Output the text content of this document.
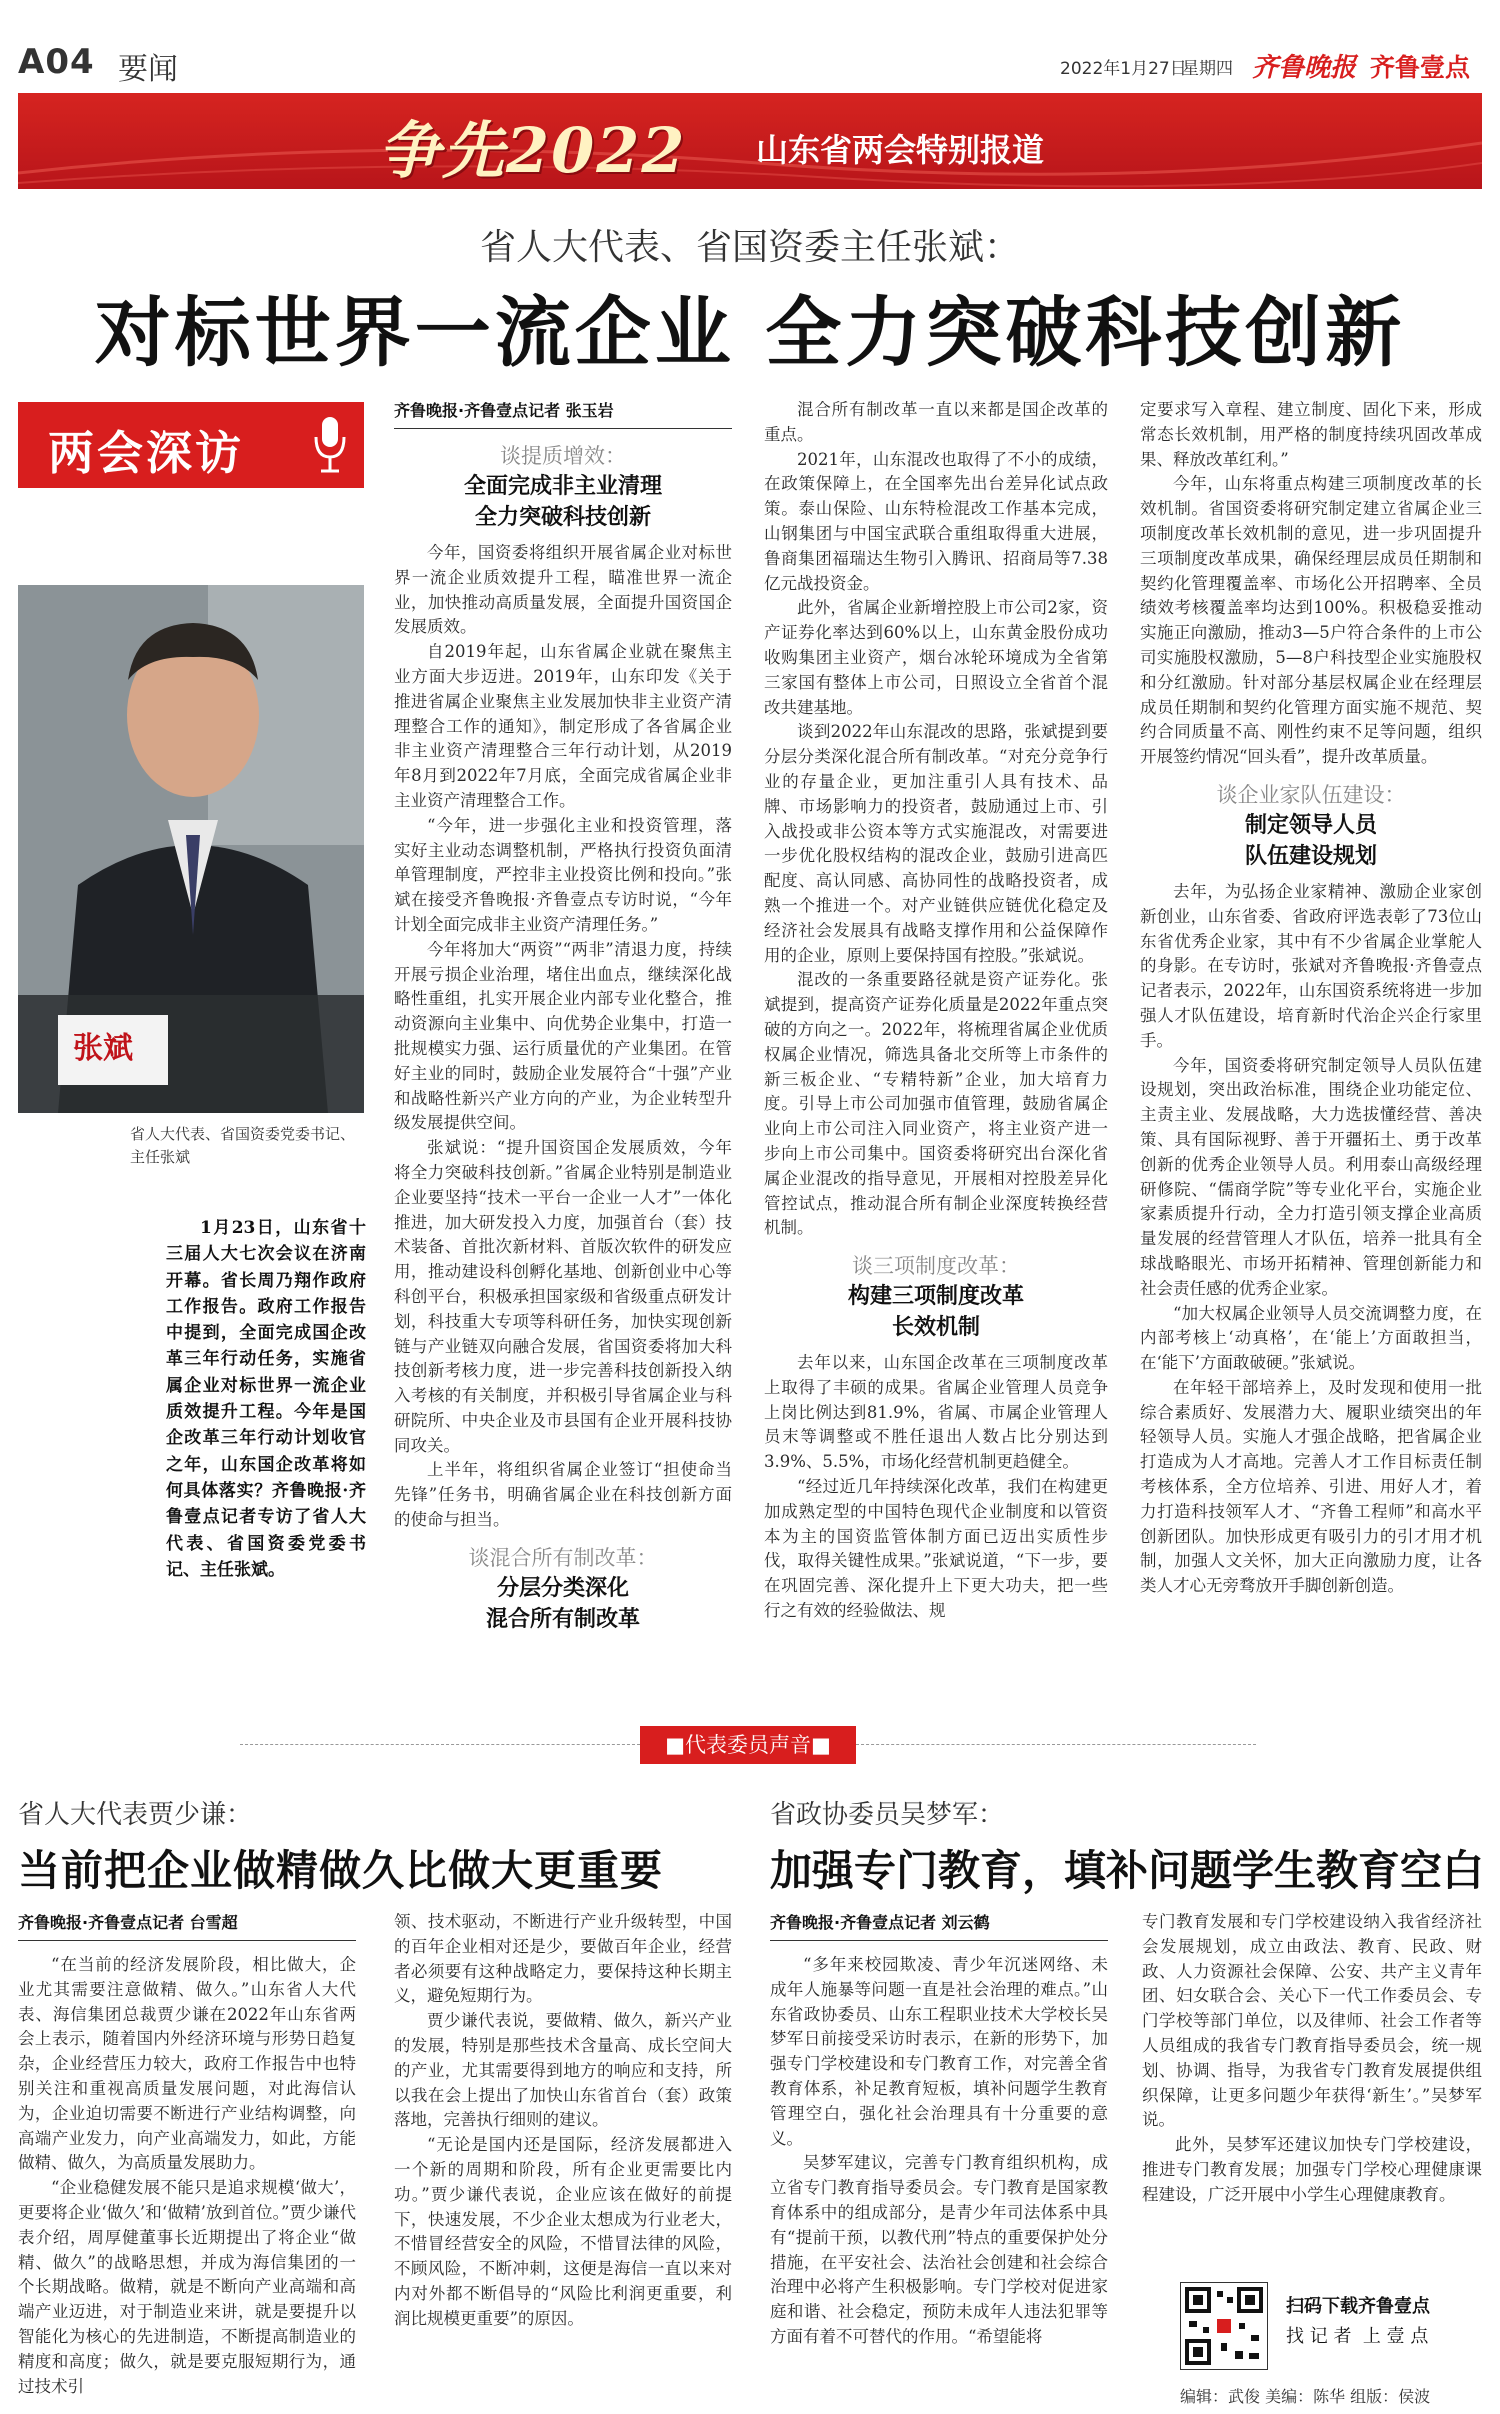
A04 要闻	2022年1月27日
星期四 齐鲁晚报 齐鲁壹点
争先2022 山东省两会特别报道
省人大代表、省国资委主任张斌：
对标世界一流企业 全力突破科技创新
两会深访
张斌
省人大代表、省国资委党委书记、主任张斌
1月23日，山东省十三届人大七次会议在济南开幕。省长周乃翔作政府工作报告。政府工作报告中提到，全面完成国企改革三年行动任务，实施省属企业对标世界一流企业质效提升工程。今年是国企改革三年行动计划收官之年，山东国企改革将如何具体落实？齐鲁晚报·齐鲁壹点记者专访了省人大代表、省国资委党委书记、主任张斌。
齐鲁晚报·齐鲁壹点记者 张玉岩
谈提质增效：
全面完成非主业清理
全力突破科技创新

今年，国资委将组织开展省属企业对标世界一流企业质效提升工程，瞄准世界一流企业，加快推动高质量发展，全面提升国资国企发展质效。

自2019年起，山东省属企业就在聚焦主业方面大步迈进。2019年，山东印发《关于推进省属企业聚焦主业发展加快非主业资产清理整合工作的通知》，制定形成了各省属企业非主业资产清理整合三年行动计划，从2019年8月到2022年7月底，全面完成省属企业非主业资产清理整合工作。

“今年，进一步强化主业和投资管理，落实好主业动态调整机制，严格执行投资负面清单管理制度，严控非主业投资比例和投向。”张斌在接受齐鲁晚报·齐鲁壹点专访时说，“今年计划全面完成非主业资产清理任务。”

今年将加大“两资”“两非”清退力度，持续开展亏损企业治理，堵住出血点，继续深化战略性重组，扎实开展企业内部专业化整合，推动资源向主业集中、向优势企业集中，打造一批规模实力强、运行质量优的产业集团。在管好主业的同时，鼓励企业发展符合“十强”产业和战略性新兴产业方向的产业，为企业转型升级发展提供空间。

张斌说：“提升国资国企发展质效，今年将全力突破科技创新。”省属企业特别是制造业企业要坚持“技术一平台一企业一人才”一体化推进，加大研发投入力度，加强首台（套）技术装备、首批次新材料、首版次软件的研发应用，推动建设科创孵化基地、创新创业中心等科创平台，积极承担国家级和省级重点研发计划，科技重大专项等科研任务，加快实现创新链与产业链双向融合发展，省国资委将加大科技创新考核力度，进一步完善科技创新投入纳入考核的有关制度，并积极引导省属企业与科研院所、中央企业及市县国有企业开展科技协同攻关。

上半年，将组织省属企业签订“担使命当先锋”任务书，明确省属企业在科技创新方面的使命与担当。

谈混合所有制改革：
分层分类深化
混合所有制改革

混合所有制改革一直以来都是国企改革的重点。

2021年，山东混改也取得了不小的成绩，在政策保障上，在全国率先出台差异化试点政策。泰山保险、山东特检混改工作基本完成，山钢集团与中国宝武联合重组取得重大进展，鲁商集团福瑞达生物引入腾讯、招商局等7.38亿元战投资金。

此外，省属企业新增控股上市公司2家，资产证券化率达到60%以上，山东黄金股份成功收购集团主业资产，烟台冰轮环境成为全省第三家国有整体上市公司，日照设立全省首个混改共建基地。

谈到2022年山东混改的思路，张斌提到要分层分类深化混合所有制改革。“对充分竞争行业的存量企业，更加注重引人具有技术、品牌、市场影响力的投资者，鼓励通过上市、引入战投或非公资本等方式实施混改，对需要进一步优化股权结构的混改企业，鼓励引进高匹配度、高认同感、高协同性的战略投资者，成熟一个推进一个。对产业链供应链优化稳定及经济社会发展具有战略支撑作用和公益保障作用的企业，原则上要保持国有控股。”张斌说。

混改的一条重要路径就是资产证券化。张斌提到，提高资产证券化质量是2022年重点突破的方向之一。2022年，将梳理省属企业优质权属企业情况，筛选具备北交所等上市条件的新三板企业、“专精特新”企业，加大培育力度。引导上市公司加强市值管理，鼓励省属企业向上市公司注入同业资产，将主业资产进一步向上市公司集中。国资委将研究出台深化省属企业混改的指导意见，开展相对控股差异化管控试点，推动混合所有制企业深度转换经营机制。

谈三项制度改革：
构建三项制度改革
长效机制

去年以来，山东国企改革在三项制度改革上取得了丰硕的成果。省属企业管理人员竞争上岗比例达到81.9%，省属、市属企业管理人员末等调整或不胜任退出人数占比分别达到3.9%、5.5%，市场化经营机制更趋健全。

“经过近几年持续深化改革，我们在构建更加成熟定型的中国特色现代企业制度和以管资本为主的国资监管体制方面已迈出实质性步伐，取得关键性成果。”张斌说道，“下一步，要在巩固完善、深化提升上下更大功夫，把一些行之有效的经验做法、规

定要求写入章程、建立制度、固化下来，形成常态长效机制，用严格的制度持续巩固改革成果、释放改革红利。”

今年，山东将重点构建三项制度改革的长效机制。省国资委将研究制定建立省属企业三项制度改革长效机制的意见，进一步巩固提升三项制度改革成果，确保经理层成员任期制和契约化管理覆盖率、市场化公开招聘率、全员绩效考核覆盖率均达到100%。积极稳妥推动实施正向激励，推动3—5户符合条件的上市公司实施股权激励，5—8户科技型企业实施股权和分红激励。针对部分基层权属企业在经理层成员任期制和契约化管理方面实施不规范、契约合同质量不高、刚性约束不足等问题，组织开展签约情况“回头看”，提升改革质量。

谈企业家队伍建设：
制定领导人员
队伍建设规划

去年，为弘扬企业家精神、激励企业家创新创业，山东省委、省政府评选表彰了73位山东省优秀企业家，其中有不少省属企业掌舵人的身影。在专访时，张斌对齐鲁晚报·齐鲁壹点记者表示，2022年，山东国资系统将进一步加强人才队伍建设，培育新时代治企兴企行家里手。

今年，国资委将研究制定领导人员队伍建设规划，突出政治标准，围绕企业功能定位、主责主业、发展战略，大力选拔懂经营、善决策、具有国际视野、善于开疆拓土、勇于改革创新的优秀企业领导人员。利用泰山高级经理研修院、“儒商学院”等专业化平台，实施企业家素质提升行动，全力打造引领支撑企业高质量发展的经营管理人才队伍，培养一批具有全球战略眼光、市场开拓精神、管理创新能力和社会责任感的优秀企业家。

“加大权属企业领导人员交流调整力度，在内部考核上‘动真格’，在‘能上’方面敢担当，在‘能下’方面敢破硬。”张斌说。

在年轻干部培养上，及时发现和使用一批综合素质好、发展潜力大、履职业绩突出的年轻领导人员。实施人才强企战略，把省属企业打造成为人才高地。完善人才工作目标责任制考核体系，全方位培养、引进、用好人才，着力打造科技领军人才、“齐鲁工程师”和高水平创新团队。加快形成更有吸引力的引才用才机制，加强人文关怀，加大正向激励力度，让各类人才心无旁骛放开手脚创新创造。

■代表委员声音■
省人大代表贾少谦：
当前把企业做精做久比做大更重要
齐鲁晚报·齐鲁壹点记者 台雪超

“在当前的经济发展阶段，相比做大，企业尤其需要注意做精、做久。”山东省人大代表、海信集团总裁贾少谦在2022年山东省两会上表示，随着国内外经济环境与形势日趋复杂，企业经营压力较大，政府工作报告中也特别关注和重视高质量发展问题，对此海信认为，企业迫切需要不断进行产业结构调整，向高端产业发力，向产业高端发力，如此，方能做精、做久，为高质量发展助力。

“企业稳健发展不能只是追求规模‘做大’，更要将企业‘做久’和‘做精’放到首位。”贾少谦代表介绍，周厚健董事长近期提出了将企业“做精、做久”的战略思想，并成为海信集团的一个长期战略。做精，就是不断向产业高端和高端产业迈进，对于制造业来讲，就是要提升以智能化为核心的先进制造，不断提高制造业的精度和高度；做久，就是要克服短期行为，通过技术引

领、技术驱动，不断进行产业升级转型，中国的百年企业相对还是少，要做百年企业，经营者必须要有这种战略定力，要保持这种长期主义，避免短期行为。

贾少谦代表说，要做精、做久，新兴产业的发展，特别是那些技术含量高、成长空间大的产业，尤其需要得到地方的响应和支持，所以我在会上提出了加快山东省首台（套）政策落地，完善执行细则的建议。

“无论是国内还是国际，经济发展都进入一个新的周期和阶段，所有企业更需要比内功。”贾少谦代表说，企业应该在做好的前提下，快速发展，不少企业太想成为行业老大，不惜冒经营安全的风险，不惜冒法律的风险，不顾风险，不断冲刺，这便是海信一直以来对内对外都不断倡导的“风险比利润更重要，利润比规模更重要”的原因。

省政协委员吴梦军：
加强专门教育，填补问题学生教育空白
齐鲁晚报·齐鲁壹点记者 刘云鹤

“多年来校园欺凌、青少年沉迷网络、未成年人施暴等问题一直是社会治理的难点。”山东省政协委员、山东工程职业技术大学校长吴梦军日前接受采访时表示，在新的形势下，加强专门学校建设和专门教育工作，对完善全省教育体系，补足教育短板，填补问题学生教育管理空白，强化社会治理具有十分重要的意义。

吴梦军建议，完善专门教育组织机构，成立省专门教育指导委员会。专门教育是国家教育体系中的组成部分，是青少年司法体系中具有“提前干预，以教代刑”特点的重要保护处分措施，在平安社会、法治社会创建和社会综合治理中必将产生积极影响。专门学校对促进家庭和谐、社会稳定，预防未成年人违法犯罪等方面有着不可替代的作用。“希望能将

专门教育发展和专门学校建设纳入我省经济社会发展规划，成立由政法、教育、民政、财政、人力资源社会保障、公安、共产主义青年团、妇女联合会、关心下一代工作委员会、专门学校等部门单位，以及律师、社会工作者等人员组成的我省专门教育指导委员会，统一规划、协调、指导，为我省专门教育发展提供组织保障，让更多问题少年获得‘新生’。”吴梦军说。

此外，吴梦军还建议加快专门学校建设，推进专门教育发展；加强专门学校心理健康课程建设，广泛开展中小学生心理健康教育。

扫码下载齐鲁壹点
找 记 者  上 壹 点
编辑：武俊 美编：陈华 组版：侯波
